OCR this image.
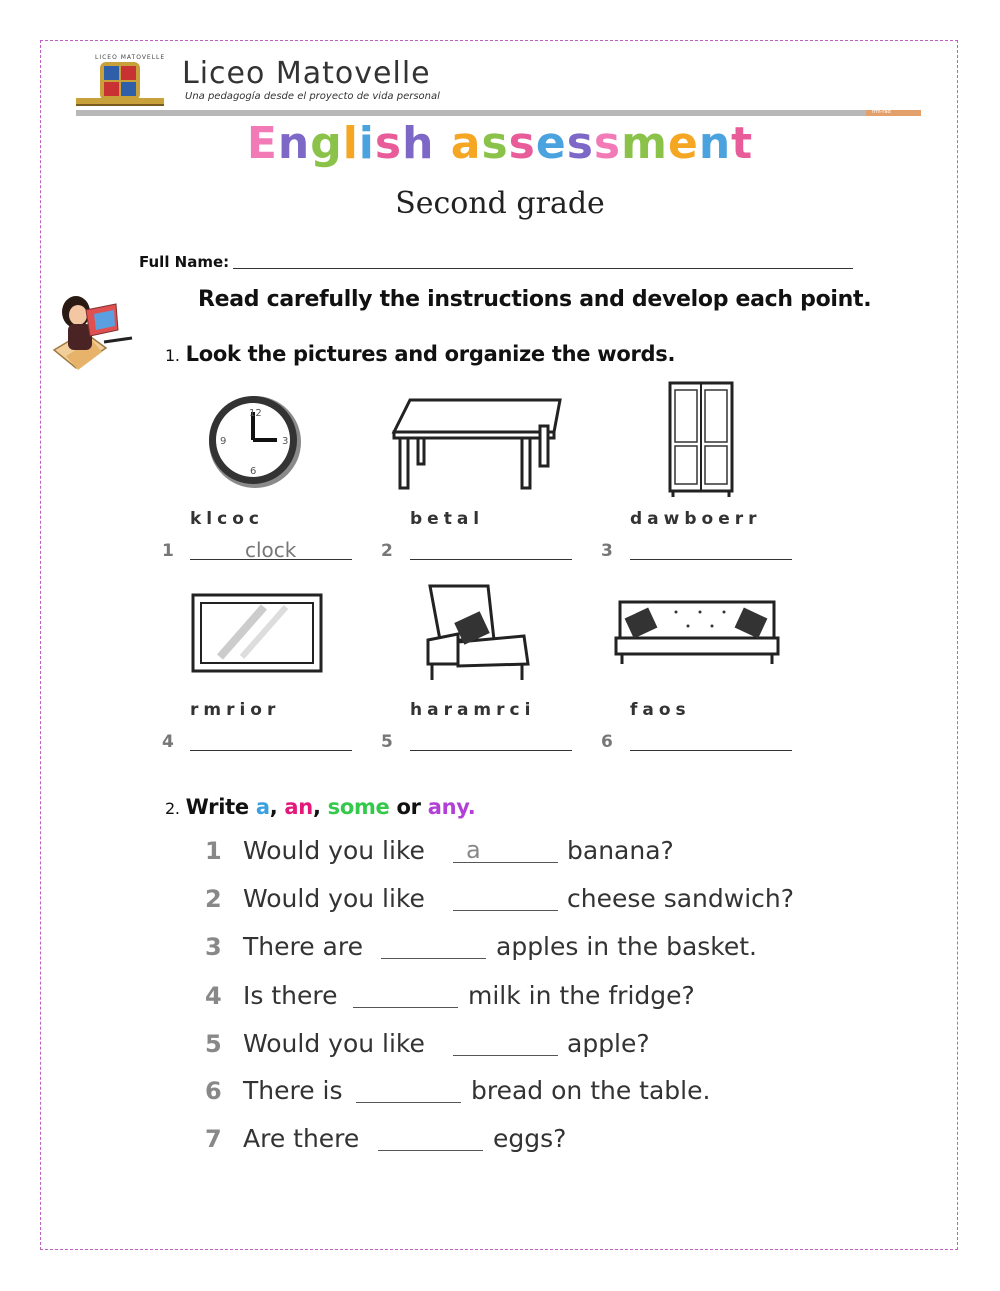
LICEO MATOVELLE Liceo Matovelle
Una pedagogía desde el proyecto de vida personal
frm-rad
English assessment
Second grade
Full Name:
Read carefully the instructions and develop each point.
1. Look the pictures and organize the words.
12
3
6
9
klcoc	betal	dawboerr
rmrior	haramrci	faos
1	2	3
4	5	6
clock
2. Write a, an, some or any.
1 Would you like a	banana?
2 Would you like	cheese sandwich?
3 There are	apples in the basket.
4 Is there	milk in the fridge?
5 Would you like	apple?
6 There is	bread on the table.
7 Are there	eggs?
